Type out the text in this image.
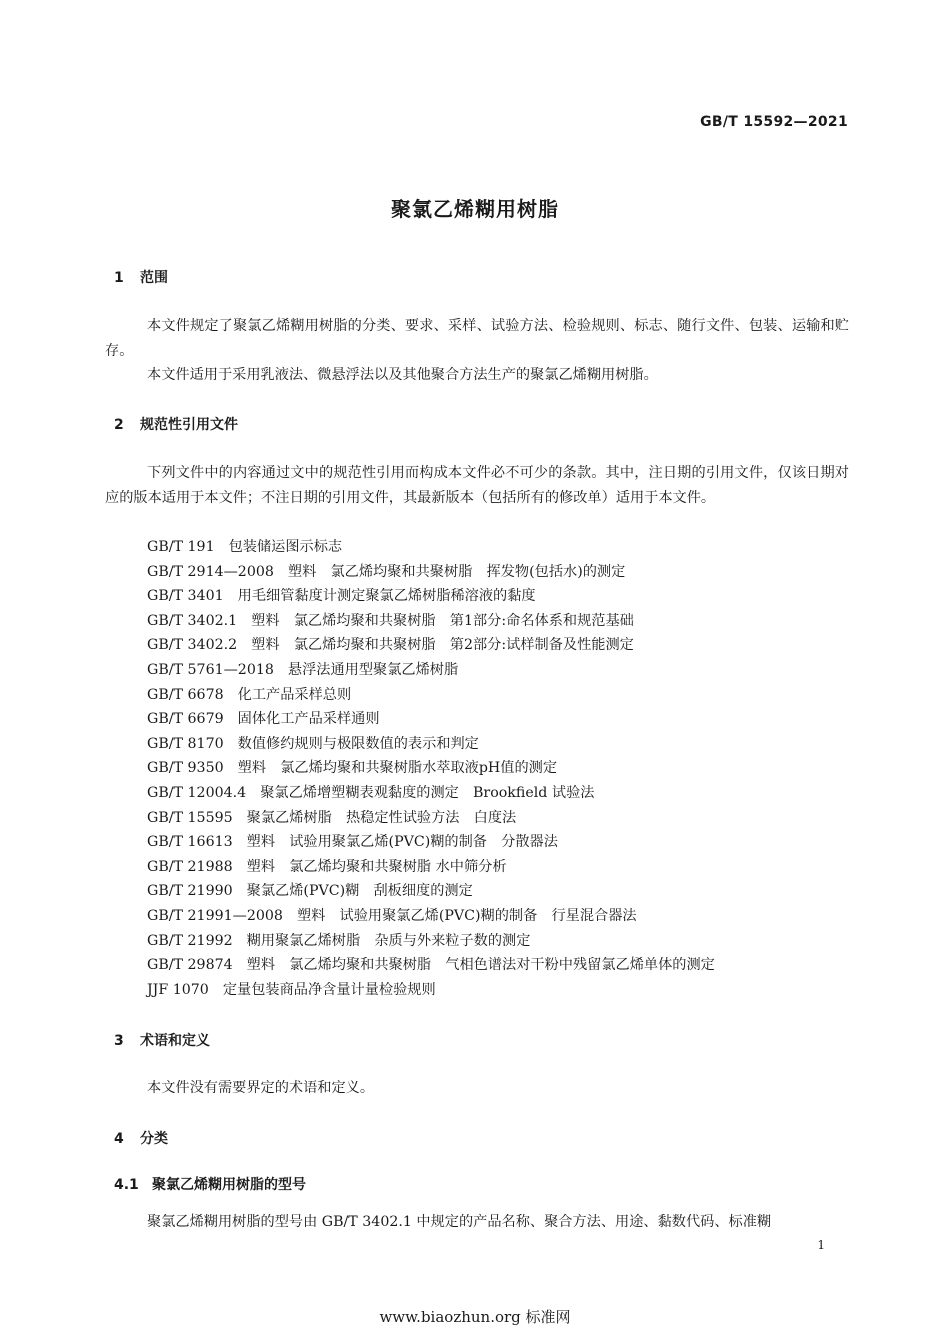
GB/T 15592—2021
聚氯乙烯糊用树脂
1 范围
本文件规定了聚氯乙烯糊用树脂的分类、要求、采样、试验方法、检验规则、标志、随行文件、包装、运输和贮存。
本文件适用于采用乳液法、微悬浮法以及其他聚合方法生产的聚氯乙烯糊用树脂。
2 规范性引用文件
下列文件中的内容通过文中的规范性引用而构成本文件必不可少的条款。其中，注日期的引用文件，仅该日期对应的版本适用于本文件；不注日期的引用文件，其最新版本（包括所有的修改单）适用于本文件。
GB/T 191 包装储运图示标志
GB/T 2914—2008 塑料　氯乙烯均聚和共聚树脂　挥发物(包括水)的测定
GB/T 3401 用毛细管黏度计测定聚氯乙烯树脂稀溶液的黏度
GB/T 3402.1 塑料　氯乙烯均聚和共聚树脂　第1部分:命名体系和规范基础
GB/T 3402.2 塑料　氯乙烯均聚和共聚树脂　第2部分:试样制备及性能测定
GB/T 5761—2018 悬浮法通用型聚氯乙烯树脂
GB/T 6678 化工产品采样总则
GB/T 6679 固体化工产品采样通则
GB/T 8170 数值修约规则与极限数值的表示和判定
GB/T 9350 塑料　氯乙烯均聚和共聚树脂水萃取液pH值的测定
GB/T 12004.4 聚氯乙烯增塑糊表观黏度的测定　Brookfield 试验法
GB/T 15595 聚氯乙烯树脂　热稳定性试验方法　白度法
GB/T 16613 塑料　试验用聚氯乙烯(PVC)糊的制备　分散器法
GB/T 21988 塑料　氯乙烯均聚和共聚树脂 水中筛分析
GB/T 21990 聚氯乙烯(PVC)糊　刮板细度的测定
GB/T 21991—2008 塑料　试验用聚氯乙烯(PVC)糊的制备　行星混合器法
GB/T 21992 糊用聚氯乙烯树脂　杂质与外来粒子数的测定
GB/T 29874 塑料　氯乙烯均聚和共聚树脂　气相色谱法对干粉中残留氯乙烯单体的测定
JJF 1070 定量包装商品净含量计量检验规则
3 术语和定义
本文件没有需要界定的术语和定义。
4 分类
4.1 聚氯乙烯糊用树脂的型号
聚氯乙烯糊用树脂的型号由 GB/T 3402.1 中规定的产品名称、聚合方法、用途、黏数代码、标准糊
1
www.biaozhun.org 标准网
